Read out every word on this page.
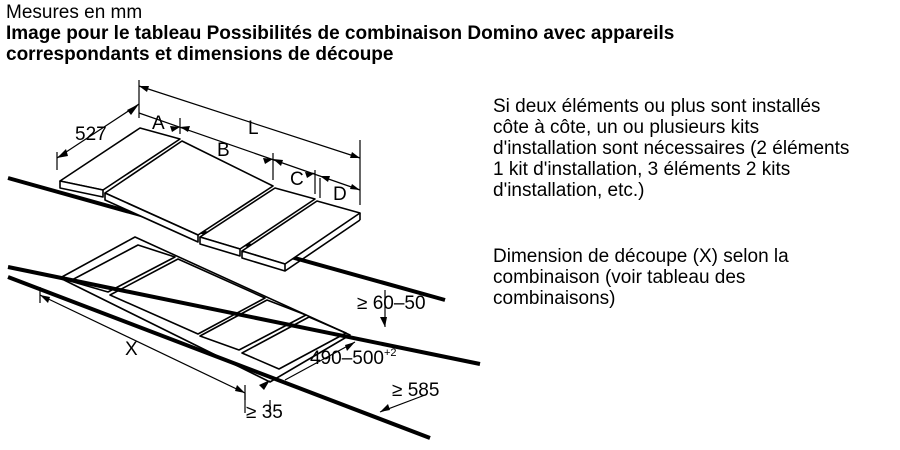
Mesures en mm
Image pour le tableau Possibilités de combinaison Domino avec appareils
correspondants et dimensions de découpe
527
A
B
C
D
L
X
≥ 60–50
$490-500^{+2}$
≥ 585
≥ 35
Si deux éléments ou plus sont installés
côte à côte, un ou plusieurs kits
d'installation sont nécessaires (2 éléments
1 kit d'installation, 3 éléments 2 kits
d'installation, etc.)
Dimension de découpe (X) selon la
combinaison (voir tableau des
combinaisons)
